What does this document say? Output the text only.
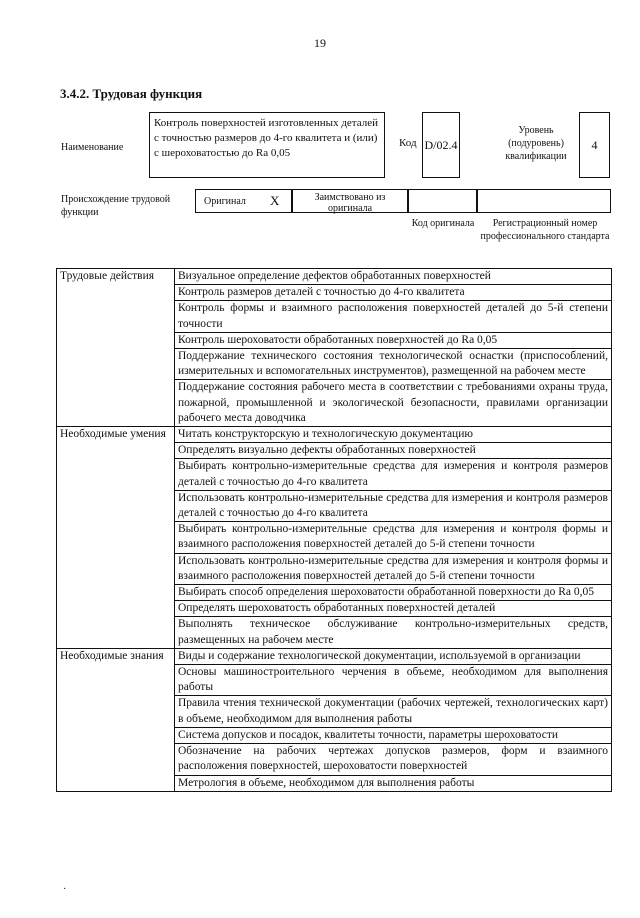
19
3.4.2. Трудовая функция
Наименование
Контроль поверхностей изготовленных деталей с точностью размеров до 4-го квалитета и (или) с шероховатостью до Ra 0,05
Код D/02.4
Уровень (подуровень) квалификации
4
Происхождение трудовой функции
Оригинал X	Заимствовано из оригинала
Код оригинала	Регистрационный номер профессионального стандарта
Трудовые действия	Визуальное определение дефектов обработанных поверхностей
	Контроль размеров деталей с точностью до 4-го квалитета
	Контроль формы и взаимного расположения поверхностей деталей до 5-й степени точности
	Контроль шероховатости обработанных поверхностей до Ra 0,05
	Поддержание технического состояния технологической оснастки (приспособлений, измерительных и вспомогательных инструментов), размещенной на рабочем месте
	Поддержание состояния рабочего места в соответствии с требованиями охраны труда, пожарной, промышленной и экологической безопасности, правилами организации рабочего места доводчика
Необходимые умения	Читать конструкторскую и технологическую документацию
	Определять визуально дефекты обработанных поверхностей
	Выбирать контрольно-измерительные средства для измерения и контроля размеров деталей с точностью до 4-го квалитета
	Использовать контрольно-измерительные средства для измерения и контроля размеров деталей с точностью до 4-го квалитета
	Выбирать контрольно-измерительные средства для измерения и контроля формы и взаимного расположения поверхностей деталей до 5-й степени точности
	Использовать контрольно-измерительные средства для измерения и контроля формы и взаимного расположения поверхностей деталей до 5-й степени точности
	Выбирать способ определения шероховатости обработанной поверхности до Ra 0,05
	Определять шероховатость обработанных поверхностей деталей
	Выполнять техническое обслуживание контрольно-измерительных средств, размещенных на рабочем месте
Необходимые знания	Виды и содержание технологической документации, используемой в организации
	Основы машиностроительного черчения в объеме, необходимом для выполнения работы
	Правила чтения технической документации (рабочих чертежей, технологических карт) в объеме, необходимом для выполнения работы
	Система допусков и посадок, квалитеты точности, параметры шероховатости
	Обозначение на рабочих чертежах допусков размеров, форм и взаимного расположения поверхностей, шероховатости поверхностей
	Метрология в объеме, необходимом для выполнения работы
·
